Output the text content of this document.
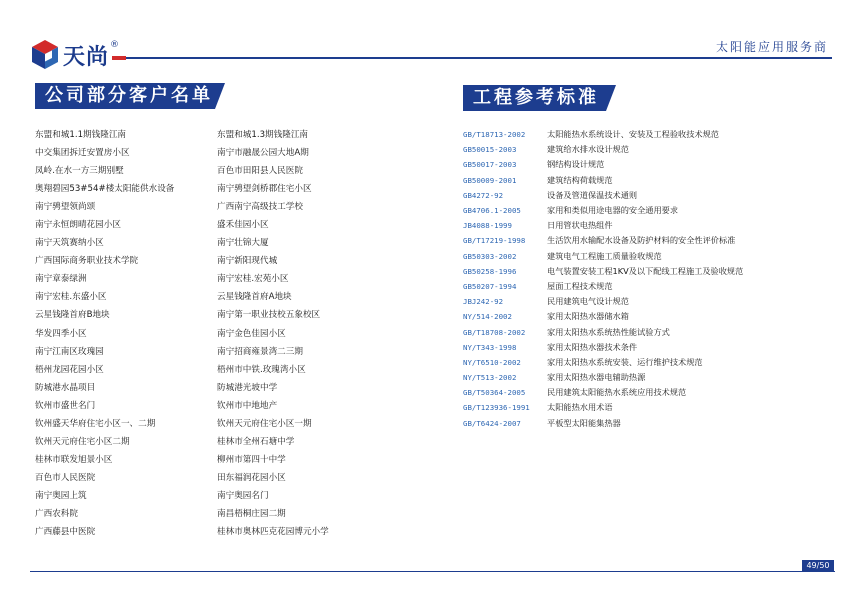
天尚 ®	太阳能应用服务商
公司部分客户名单	工程参考标准
东盟和城1.1期钱隆江南	东盟和城1.3期钱隆江南
中交集团拆迁安置房小区	南宁市融晟公园大地A期
凤岭.在水一方三期别墅	百色市田阳县人民医院
奥翔碧园53#54#楼太阳能供水设备	南宁骋望剑桥郡住宅小区
南宁骋望领尚颂	广西南宁高级技工学校
南宁永恒朗晴花园小区	盛禾佳园小区
南宁天筑赛纳小区	南宁壮锦大厦
广西国际商务职业技术学院	南宁新阳现代城
南宁章泰绿洲	南宁宏桂.宏苑小区
南宁宏桂.东盛小区	云星钱隆首府A地块
云星钱隆首府B地块	南宁第一职业技校五象校区
华发四季小区	南宁金色佳园小区
南宁江南区玫瑰园	南宁招商雍景湾二三期
梧州龙园花园小区	梧州市中铁.玫瑰湾小区
防城港水晶项目	防城港光坡中学
钦州市盛世名门	钦州市中地地产
钦州盛天华府住宅小区一、二期	钦州天元府住宅小区一期
钦州天元府住宅小区二期	桂林市全州石塘中学
桂林市联发旭景小区	柳州市第四十中学
百色市人民医院	田东福润花园小区
南宁奥园上筑	南宁奥园名门
广西农科院	南昌梧桐庄园二期
广西藤县中医院	桂林市奥林匹克花园博元小学
GB/T18713-2002	太阳能热水系统设计、安装及工程验收技术规范
GB50015-2003	建筑给水排水设计规范
GB50017-2003	钢结构设计规范
GB50009-2001	建筑结构荷载规范
GB4272-92	设备及管道保温技术通则
GB4706.1-2005	家用和类似用途电器的安全通用要求
JB4088-1999	日用管状电热组件
GB/T17219-1998	生活饮用水输配水设备及防护材料的安全性评价标准
GB50303-2002	建筑电气工程施工质量验收规范
GB50258-1996	电气装置安装工程1KV及以下配线工程施工及验收规范
GB50207-1994	屋面工程技术规范
JBJ242-92	民用建筑电气设计规范
NY/514-2002	家用太阳热水器储水箱
GB/T18708-2002	家用太阳热水系统热性能试验方式
NY/T343-1998	家用太阳热水器技术条件
NY/T6510-2002	家用太阳热水系统安装、运行维护技术规范
NY/T513-2002	家用太阳热水器电辅助热源
GB/T50364-2005	民用建筑太阳能热水系统应用技术规范
GB/T123936-1991	太阳能热水用术语
GB/T6424-2007	平板型太阳能集热器
49/50
